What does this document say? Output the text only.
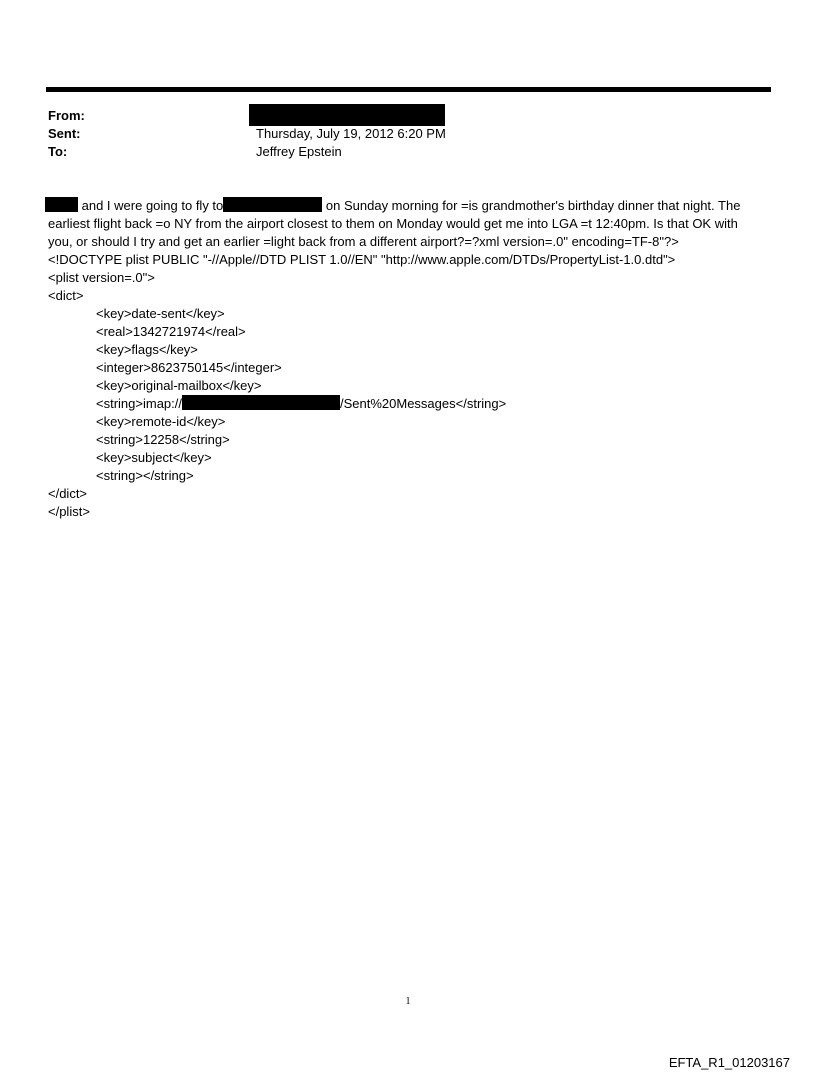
From:
Sent:	Thursday, July 19, 2012 6:20 PM
To:	Jeffrey Epstein
and I were going to fly to	on Sunday morning for =is grandmother's birthday dinner that night. The
earliest flight back =o NY from the airport closest to them on Monday would get me into LGA =t 12:40pm. Is that OK with
you, or should I try and get an earlier =light back from a different airport?=?xml version=.0" encoding=TF-8"?>
<!DOCTYPE plist PUBLIC "-//Apple//DTD PLIST 1.0//EN" "http://www.apple.com/DTDs/PropertyList-1.0.dtd">
<plist version=.0">
<dict>
<key>date-sent</key>
<real>1342721974</real>
<key>flags</key>
<integer>8623750145</integer>
<key>original-mailbox</key>
<string>imap://	/Sent%20Messages</string>
<key>remote-id</key>
<string>12258</string>
<key>subject</key>
<string></string>
</dict>
</plist>
1
EFTA_R1_01203167
